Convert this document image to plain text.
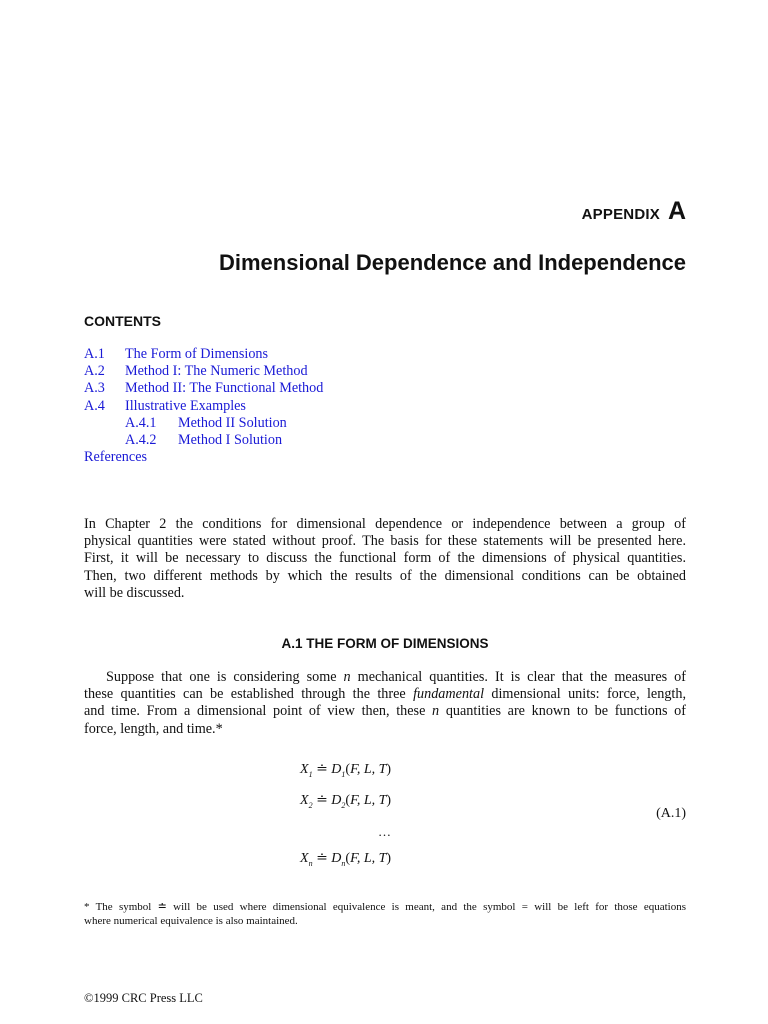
APPENDIX A
Dimensional Dependence and Independence
CONTENTS
A.1 The Form of Dimensions
A.2 Method I: The Numeric Method
A.3 Method II: The Functional Method
A.4 Illustrative Examples
A.4.1 Method II Solution
A.4.2 Method I Solution
References

In Chapter 2 the conditions for dimensional dependence or independence between a group of
physical quantities were stated without proof. The basis for these statements will be presented here.
First, it will be necessary to discuss the functional form of the dimensions of physical quantities.
Then, two different methods by which the results of the dimensional conditions can be obtained
will be discussed.

A.1 THE FORM OF DIMENSIONS

Suppose that one is considering some n mechanical quantities. It is clear that the measures of
these quantities can be established through the three fundamental dimensional units: force, length,
and time. From a dimensional point of view then, these n quantities are known to be functions of
force, length, and time.*

$X_1$ ≐ $D_1(F$, L, T)
$X_2$ ≐ $D_2(F$, L, T)
…
$X_n$ ≐ $D_n(F$, L, T)
(A.1)

* The symbol ≐ will be used where dimensional equivalence is meant, and the symbol = will be left for those equations
where numerical equivalence is also maintained.

©1999 CRC Press LLC
